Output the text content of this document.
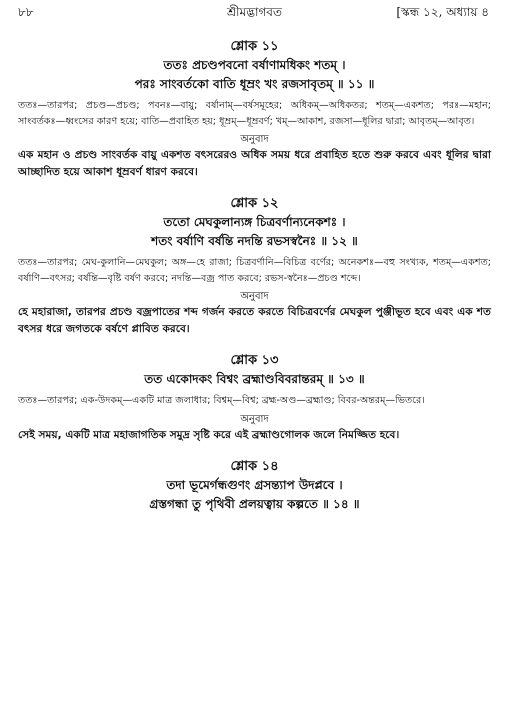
৮৮	[স্কন্ধ ১২, অধ্যায় ৪
শ্রীমদ্ভাগবত
শ্লোক ১১
ততঃ প্রচণ্ডপবনো বর্ষাণামধিকং শতম্ ।
পরঃ সাংবর্তকো বাতি ধূম্রং খং রজসাবৃতম্ ॥ ১১ ॥
ততঃ—তারপর; প্রচণ্ড—প্রচণ্ড; পবনঃ—বায়ু; বর্ষানাম্—বর্ষসমূহের; অধিকম্—অধিকতর; শতম্—একশত; পরঃ—মহান; সাংবর্তকঃ—ধ্বংসের কারণ হয়ে; বাতি—প্রবাহিত হয়; ধূম্রম্—ধূম্রবর্ণ; খম্—আকাশ, রজসা—ধূলির দ্বারা; আবৃতম্—আবৃত।
অনুবাদ
এক মহান ও প্রচণ্ড সাংবর্তক বায়ু একশত বৎসরেরও অধিক সময় ধরে প্রবাহিত হতে শুরু করবে এবং ধূলির দ্বারা আচ্ছাদিত হয়ে আকাশ ধূম্রবর্ণ ধারণ করবে।
শ্লোক ১২
ততো মেঘকুলান্যঙ্গ চিত্রবর্ণান্যনেকশঃ ।
শতং বর্ষাণি বর্ষন্তি নদন্তি রভসস্বনৈঃ ॥ ১২ ॥
ততঃ—তারপর; মেঘ-কুলানি—মেঘকুল; অঙ্গ—হে রাজা; চিত্রবর্ণানি—বিচিত্র বর্ণের; অনেকশঃ—বহু সংখ্যক, শতম্—একশত; বর্ষাণি—বৎসর; বর্ষন্তি—বৃষ্টি বর্ষণ করবে; নদন্তি—বজ্র পাত করবে; রভস-স্বনৈঃ—প্রচণ্ড শব্দে।
অনুবাদ
হে মহারাজা, তারপর প্রচণ্ড বজ্রপাতের শব্দ গর্জন করতে করতে বিচিত্রবর্ণের মেঘকুল পুঞ্জীভূত হবে এবং এক শত বৎসর ধরে জগতকে বর্ষণে প্লাবিত করবে।
শ্লোক ১৩
তত একোদকং বিশ্বং ব্রহ্মাণ্ডবিবরান্তরম্ ॥ ১৩ ॥
ততঃ—তারপর; এক-উদকম্—একটি মাত্র জলাধার; বিশ্বম্—বিশ্ব; ব্রহ্ম-অণ্ড—ব্রহ্মাণ্ড; বিবর-অন্তরম্—ভিতরে।
অনুবাদ
সেই সময়, একটি মাত্র মহাজাগতিক সমুদ্র সৃষ্টি করে এই ব্রহ্মাণ্ডগোলক জলে নিমজ্জিত হবে।
শ্লোক ১৪
তদা ভূমের্গন্ধগুণং গ্রসন্ত্যাপ উদপ্লবে ।
গ্রস্তগন্ধা তু পৃথিবী প্রলয়ত্বায় কল্পতে ॥ ১৪ ॥
